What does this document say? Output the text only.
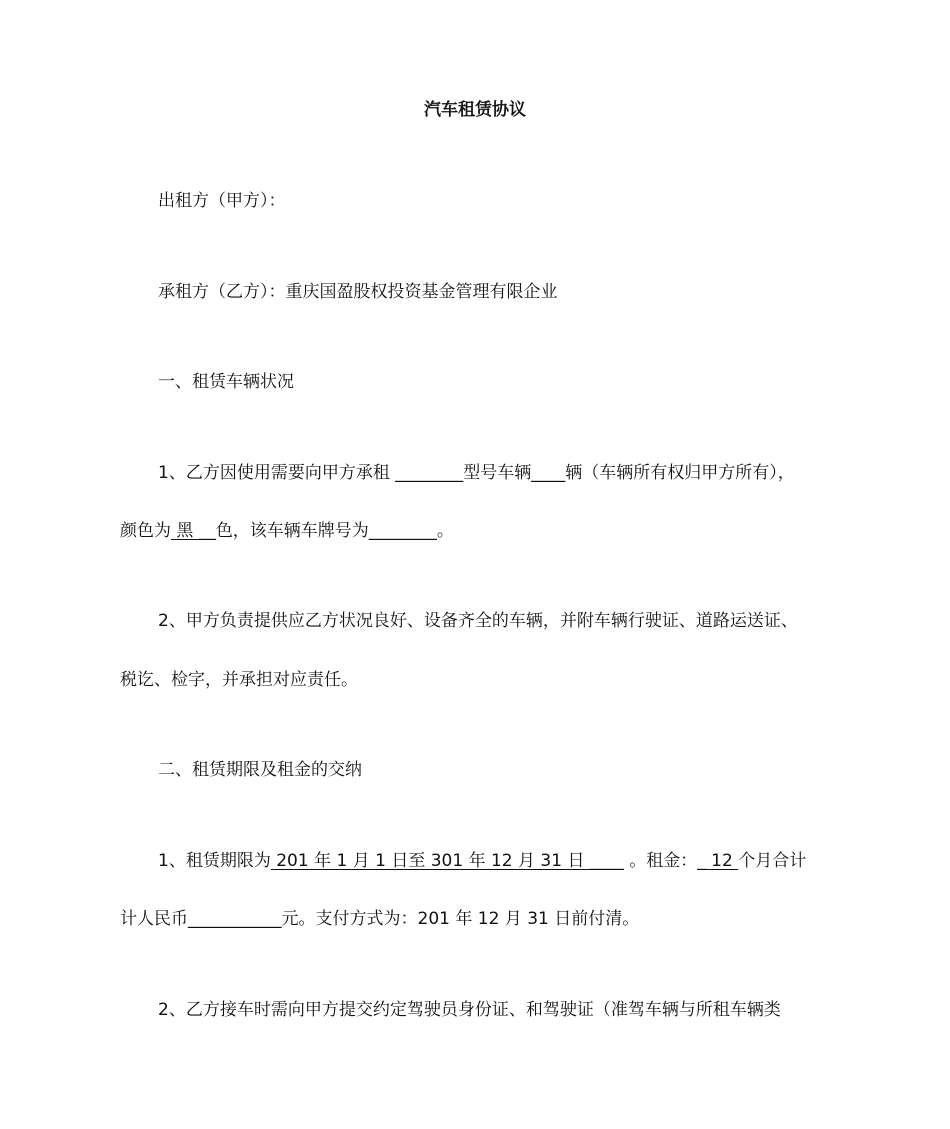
汽车租赁协议
出租方（甲方）：
承租方（乙方）：重庆国盈股权投资基金管理有限企业
一、租赁车辆状况
1、乙方因使用需要向甲方承租 ________型号车辆____辆（车辆所有权归甲方所有），
颜色为 黑 __色，该车辆车牌号为________。
2、甲方负责提供应乙方状况良好、设备齐全的车辆，并附车辆行驶证、道路运送证、
税讫、检字，并承担对应责任。
二、租赁期限及租金的交纳
1、租赁期限为 201 年 1 月 1 日至 301 年 12 月 31 日 ____ 。租金：_ 12 个月合计
计人民币___________元。支付方式为：201 年 12 月 31 日前付清。
2、乙方接车时需向甲方提交约定驾驶员身份证、和驾驶证（准驾车辆与所租车辆类
